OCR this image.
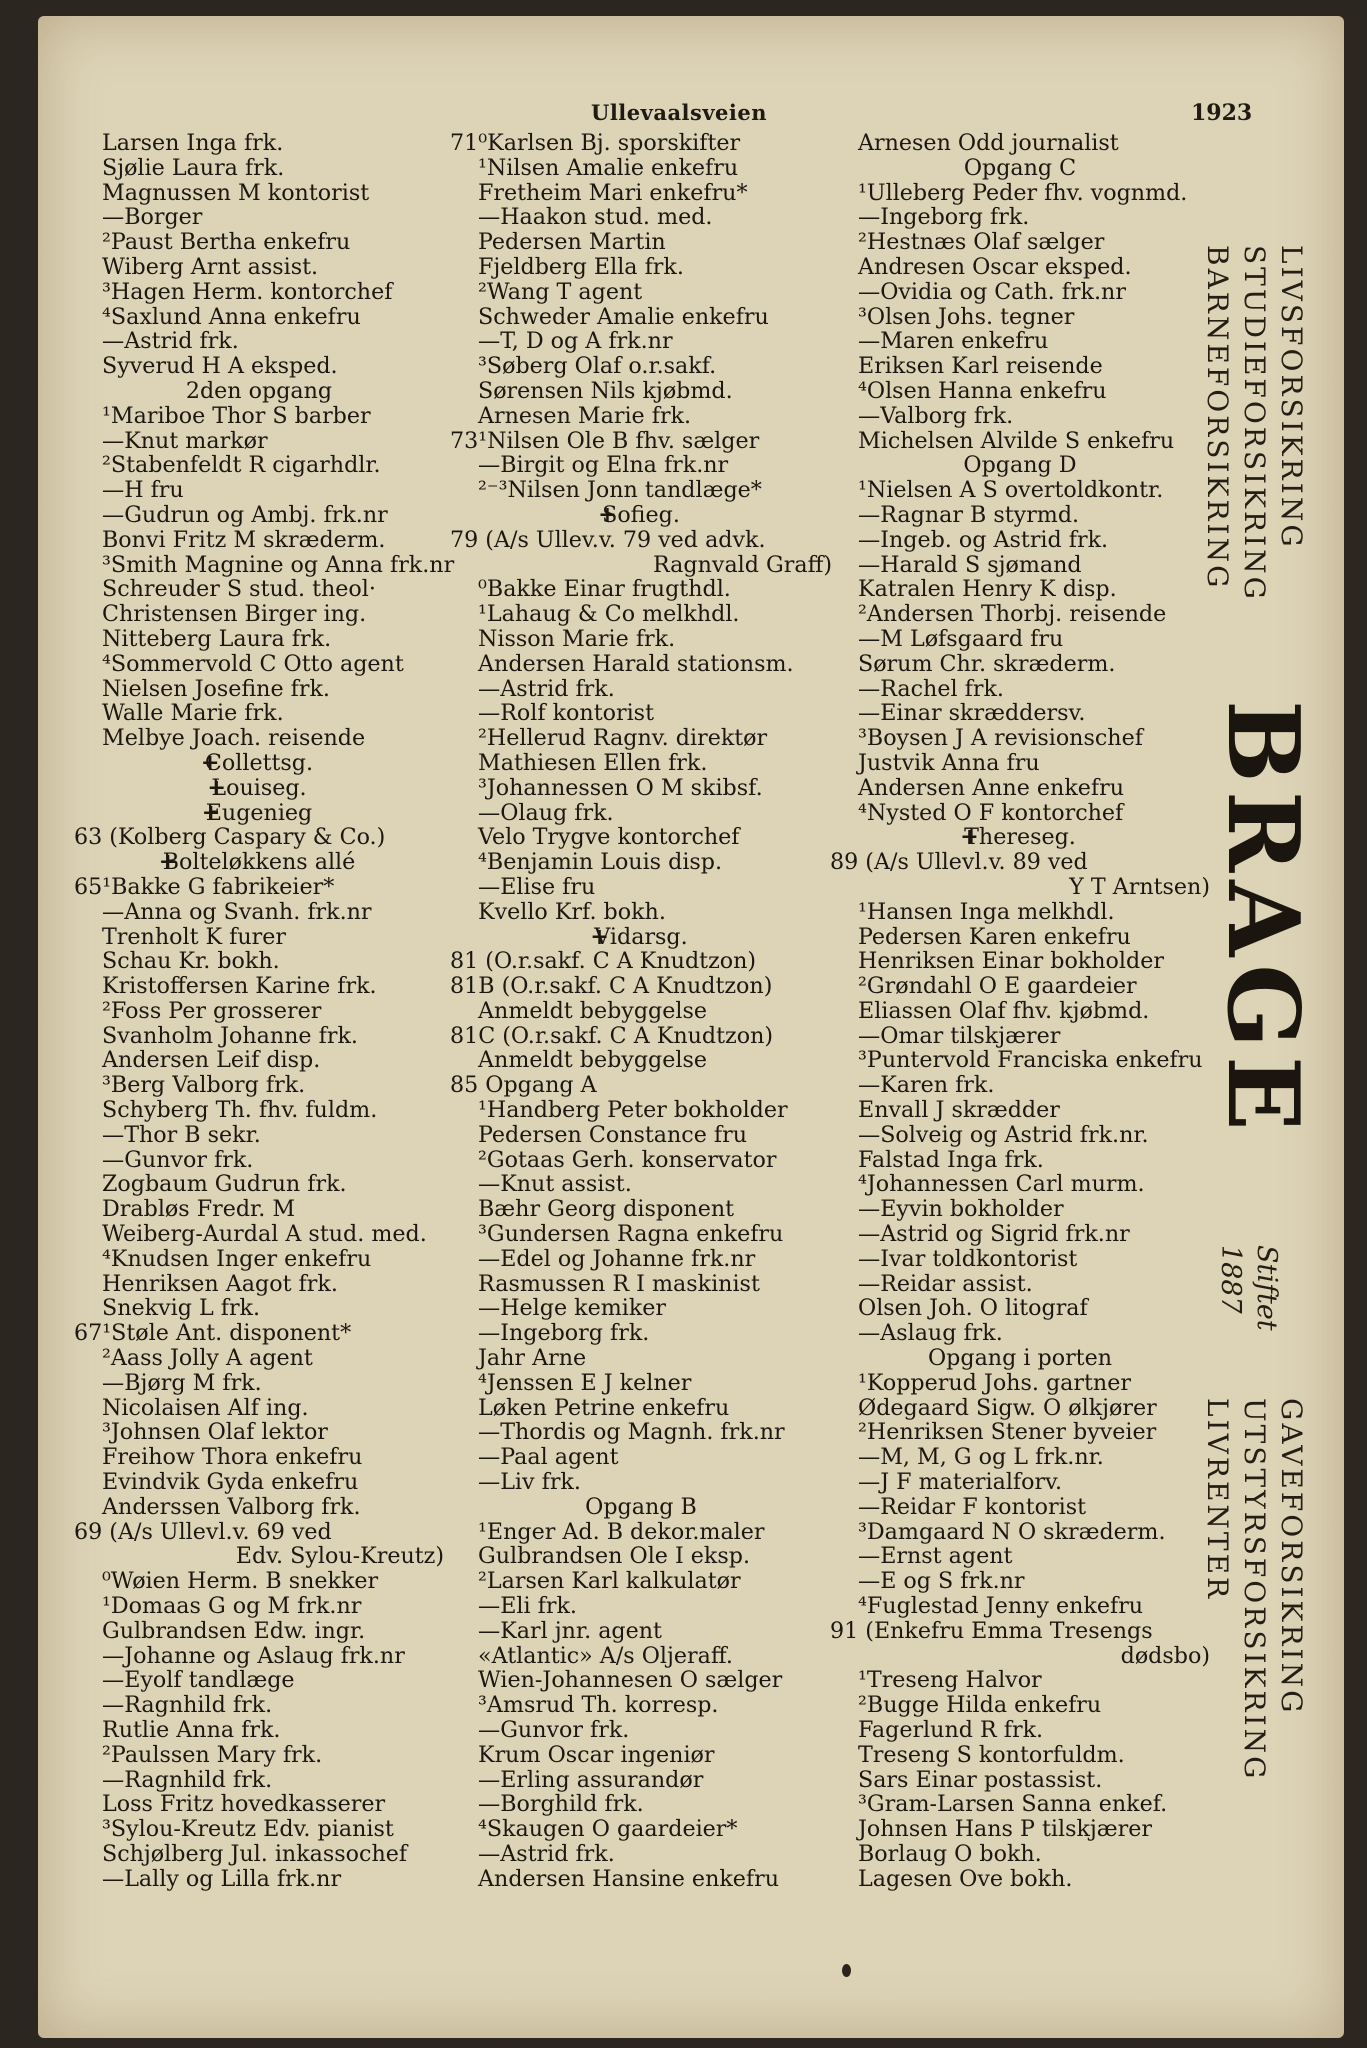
Ullevaalsveien	1923
Larsen Inga frk.
Sjølie Laura frk.
Magnussen M kontorist
—Borger
²Paust Bertha enkefru
Wiberg Arnt assist.
³Hagen Herm. kontorchef
⁴Saxlund Anna enkefru
—Astrid frk.
Syverud H A eksped.
2den opgang
¹Mariboe Thor S barber
—Knut markør
²Stabenfeldt R cigarhdlr.
—H fru
—Gudrun og Ambj. frk.nr
Bonvi Fritz M skræderm.
³Smith Magnine og Anna frk.nr
Schreuder S stud. theol·
Christensen Birger ing.
Nitteberg Laura frk.
⁴Sommervold C Otto agent
Nielsen Josefine frk.
Walle Marie frk.
Melbye Joach. reisende
+ Collettsg.
+ Louiseg.
+ Eugenieg
63 (Kolberg Caspary & Co.)
+ Bolteløkkens allé
65¹Bakke G fabrikeier*
—Anna og Svanh. frk.nr
Trenholt K furer
Schau Kr. bokh.
Kristoffersen Karine frk.
²Foss Per grosserer
Svanholm Johanne frk.
Andersen Leif disp.
³Berg Valborg frk.
Schyberg Th. fhv. fuldm.
—Thor B sekr.
—Gunvor frk.
Zogbaum Gudrun frk.
Drabløs Fredr. M
Weiberg-Aurdal A stud. med.
⁴Knudsen Inger enkefru
Henriksen Aagot frk.
Snekvig L frk.
67¹Støle Ant. disponent*
²Aass Jolly A agent
—Bjørg M frk.
Nicolaisen Alf ing.
³Johnsen Olaf lektor
Freihow Thora enkefru
Evindvik Gyda enkefru
Anderssen Valborg frk.
69 (A/s Ullevl.v. 69 ved
Edv. Sylou-Kreutz)
⁰Wøien Herm. B snekker
¹Domaas G og M frk.nr
Gulbrandsen Edw. ingr.
—Johanne og Aslaug frk.nr
—Eyolf tandlæge
—Ragnhild frk.
Rutlie Anna frk.
²Paulssen Mary frk.
—Ragnhild frk.
Loss Fritz hovedkasserer
³Sylou-Kreutz Edv. pianist
Schjølberg Jul. inkassochef
—Lally og Lilla frk.nr
71⁰Karlsen Bj. sporskifter
¹Nilsen Amalie enkefru
Fretheim Mari enkefru*
—Haakon stud. med.
Pedersen Martin
Fjeldberg Ella frk.
²Wang T agent
Schweder Amalie enkefru
—T, D og A frk.nr
³Søberg Olaf o.r.sakf.
Sørensen Nils kjøbmd.
Arnesen Marie frk.
73¹Nilsen Ole B fhv. sælger
—Birgit og Elna frk.nr
²⁻³Nilsen Jonn tandlæge*
+ Sofieg.
79 (A/s Ullev.v. 79 ved advk.
Ragnvald Graff)
⁰Bakke Einar frugthdl.
¹Lahaug & Co melkhdl.
Nisson Marie frk.
Andersen Harald stationsm.
—Astrid frk.
—Rolf kontorist
²Hellerud Ragnv. direktør
Mathiesen Ellen frk.
³Johannessen O M skibsf.
—Olaug frk.
Velo Trygve kontorchef
⁴Benjamin Louis disp.
—Elise fru
Kvello Krf. bokh.
+ Vidarsg.
81 (O.r.sakf. C A Knudtzon)
81B (O.r.sakf. C A Knudtzon)
Anmeldt bebyggelse
81C (O.r.sakf. C A Knudtzon)
Anmeldt bebyggelse
85 Opgang A
¹Handberg Peter bokholder
Pedersen Constance fru
²Gotaas Gerh. konservator
—Knut assist.
Bæhr Georg disponent
³Gundersen Ragna enkefru
—Edel og Johanne frk.nr
Rasmussen R I maskinist
—Helge kemiker
—Ingeborg frk.
Jahr Arne
⁴Jenssen E J kelner
Løken Petrine enkefru
—Thordis og Magnh. frk.nr
—Paal agent
—Liv frk.
Opgang B
¹Enger Ad. B dekor.maler
Gulbrandsen Ole I eksp.
²Larsen Karl kalkulatør
—Eli frk.
—Karl jnr. agent
«Atlantic» A/s Oljeraff.
Wien-Johannesen O sælger
³Amsrud Th. korresp.
—Gunvor frk.
Krum Oscar ingeniør
—Erling assurandør
—Borghild frk.
⁴Skaugen O gaardeier*
—Astrid frk.
Andersen Hansine enkefru
Arnesen Odd journalist
Opgang C
¹Ulleberg Peder fhv. vognmd.
—Ingeborg frk.
²Hestnæs Olaf sælger
Andresen Oscar eksped.
—Ovidia og Cath. frk.nr
³Olsen Johs. tegner
—Maren enkefru
Eriksen Karl reisende
⁴Olsen Hanna enkefru
—Valborg frk.
Michelsen Alvilde S enkefru
Opgang D
¹Nielsen A S overtoldkontr.
—Ragnar B styrmd.
—Ingeb. og Astrid frk.
—Harald S sjømand
Katralen Henry K disp.
²Andersen Thorbj. reisende
—M Løfsgaard fru
Sørum Chr. skræderm.
—Rachel frk.
—Einar skræddersv.
³Boysen J A revisionschef
Justvik Anna fru
Andersen Anne enkefru
⁴Nysted O F kontorchef
+ Thereseg.
89 (A/s Ullevl.v. 89 ved
Y T Arntsen)
¹Hansen Inga melkhdl.
Pedersen Karen enkefru
Henriksen Einar bokholder
²Grøndahl O E gaardeier
Eliassen Olaf fhv. kjøbmd.
—Omar tilskjærer
³Puntervold Franciska enkefru
—Karen frk.
Envall J skrædder
—Solveig og Astrid frk.nr.
Falstad Inga frk.
⁴Johannessen Carl murm.
—Eyvin bokholder
—Astrid og Sigrid frk.nr
—Ivar toldkontorist
—Reidar assist.
Olsen Joh. O litograf
—Aslaug frk.
Opgang i porten
¹Kopperud Johs. gartner
Ødegaard Sigw. O ølkjører
²Henriksen Stener byveier
—M, M, G og L frk.nr.
—J F materialforv.
—Reidar F kontorist
³Damgaard N O skræderm.
—Ernst agent
—E og S frk.nr
⁴Fuglestad Jenny enkefru
91 (Enkefru Emma Tresengs
dødsbo)
¹Treseng Halvor
²Bugge Hilda enkefru
Fagerlund R frk.
Treseng S kontorfuldm.
Sars Einar postassist.
³Gram-Larsen Sanna enkef.
Johnsen Hans P tilskjærer
Borlaug O bokh.
Lagesen Ove bokh.
LIVSFORSIKRING
STUDIEFORSIKRING
BARNEFORSIKRING
BRAGE
Stiftet
1887
GAVEFORSIKRING
UTSTYRSFORSIKRING
LIVRENTER
